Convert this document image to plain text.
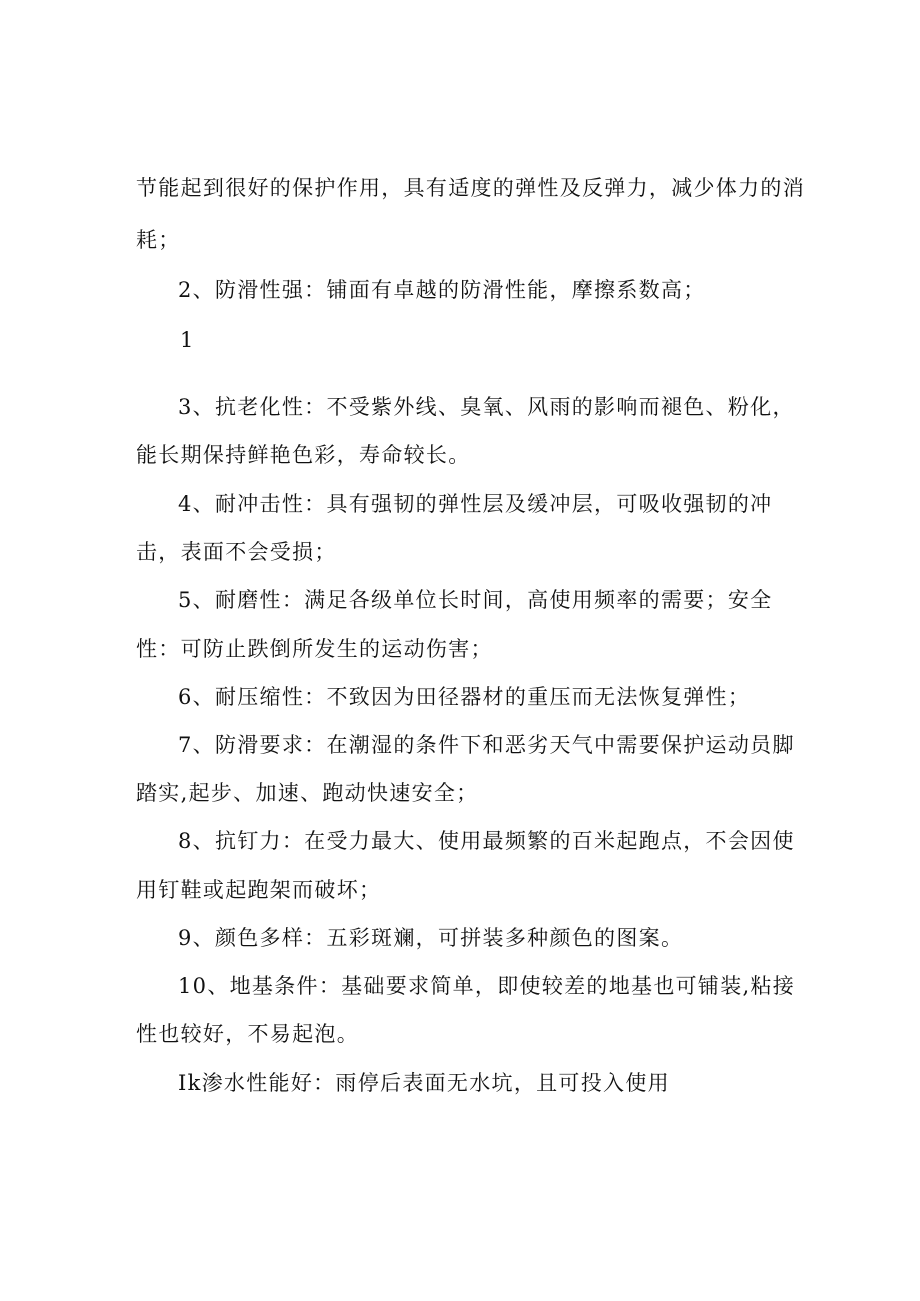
节能起到很好的保护作用，具有适度的弹性及反弹力，减少体力的消

耗；

2、防滑性强：铺面有卓越的防滑性能，摩擦系数高；

1

3、抗老化性：不受紫外线、臭氧、风雨的影响而褪色、粉化，

能长期保持鲜艳色彩，寿命较长。

4、耐冲击性：具有强韧的弹性层及缓冲层，可吸收强韧的冲

击，表面不会受损；

5、耐磨性：满足各级单位长时间，高使用频率的需要；安全

性：可防止跌倒所发生的运动伤害；

6、耐压缩性：不致因为田径器材的重压而无法恢复弹性；

7、防滑要求：在潮湿的条件下和恶劣天气中需要保护运动员脚

踏实,起步、加速、跑动快速安全；

8、抗钉力：在受力最大、使用最频繁的百米起跑点，不会因使

用钉鞋或起跑架而破坏；

9、颜色多样：五彩斑斓，可拼装多种颜色的图案。

10、地基条件：基础要求简单，即使较差的地基也可铺装,粘接

性也较好，不易起泡。

Ik渗水性能好：雨停后表面无水坑，且可投入使用
